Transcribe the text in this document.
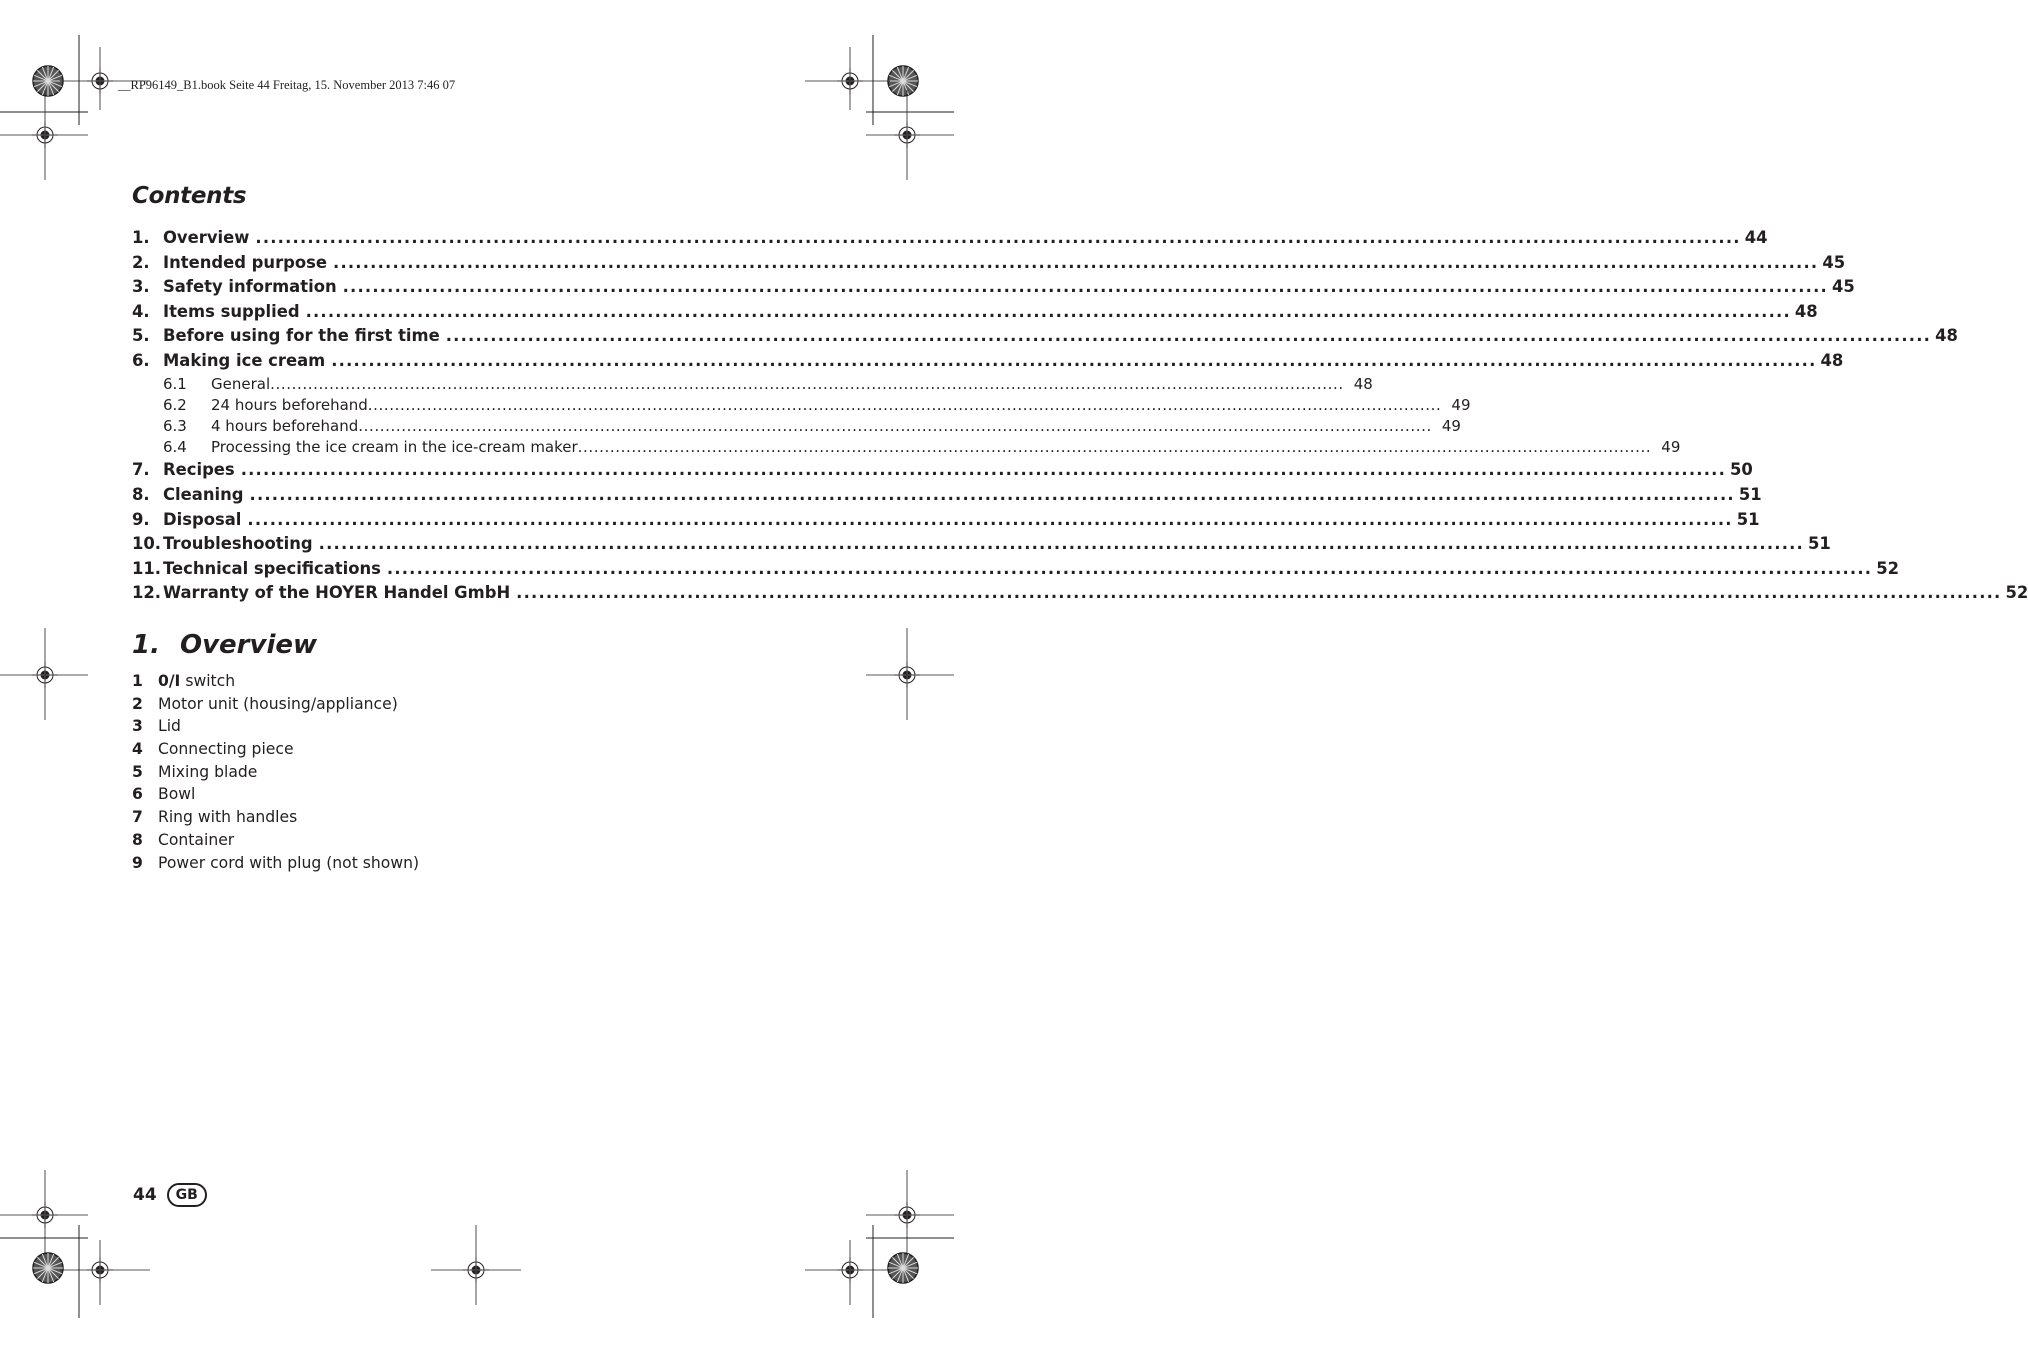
__RP96149_B1.book Seite 44 Freitag, 15. November 2013 7:46 07
Contents
1. Overview ........................................................................................................................................................................................................ 44
2. Intended purpose ........................................................................................................................................................................................................ 45
3. Safety information ........................................................................................................................................................................................................ 45
4. Items supplied ........................................................................................................................................................................................................ 48
5. Before using for the first time ........................................................................................................................................................................................................ 48
6. Making ice cream ........................................................................................................................................................................................................ 48
6.1	General ........................................................................................................................................................................................................ 48
6.2	24 hours beforehand ........................................................................................................................................................................................................ 49
6.3	4 hours beforehand ........................................................................................................................................................................................................ 49
6.4	Processing the ice cream in the ice-cream maker ........................................................................................................................................................................................................ 49
7. Recipes ........................................................................................................................................................................................................ 50
8. Cleaning ........................................................................................................................................................................................................ 51
9. Disposal ........................................................................................................................................................................................................ 51
10. Troubleshooting ........................................................................................................................................................................................................ 51
11. Technical specifications ........................................................................................................................................................................................................ 52
12. Warranty of the HOYER Handel GmbH ........................................................................................................................................................................................................ 52
1. Overview
1 0/I switch
2 Motor unit (housing/appliance)
3 Lid
4 Connecting piece
5 Mixing blade
6 Bowl
7 Ring with handles
8 Container
9 Power cord with plug (not shown)
44	GB
